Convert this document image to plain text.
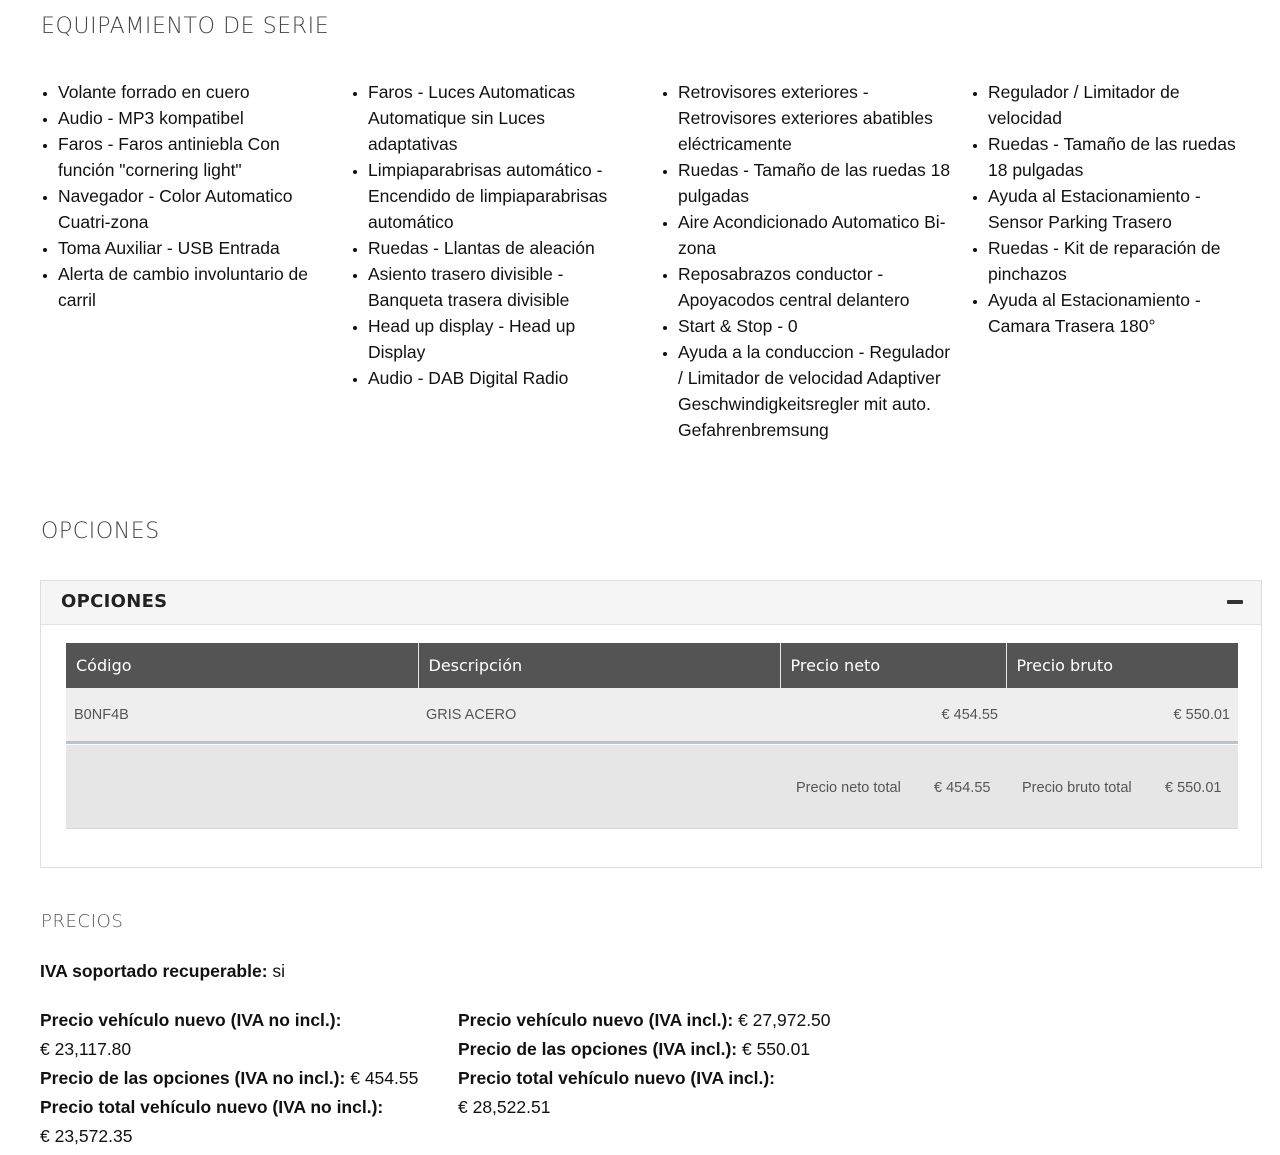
EQUIPAMIENTO DE SERIE
• Volante forrado en cuero
• Audio - MP3 kompatibel
• Faros - Faros antiniebla Con función "cornering light"
• Navegador - Color Automatico Cuatri-zona
• Toma Auxiliar - USB Entrada
• Alerta de cambio involuntario de carril
• Faros - Luces Automaticas Automatique sin Luces adaptativas
• Limpiaparabrisas automático - Encendido de limpiaparabrisas automático
• Ruedas - Llantas de aleación
• Asiento trasero divisible - Banqueta trasera divisible
• Head up display - Head up Display
• Audio - DAB Digital Radio
• Retrovisores exteriores - Retrovisores exteriores abatibles eléctricamente
• Ruedas - Tamaño de las ruedas 18 pulgadas
• Aire Acondicionado Automatico Bi-zona
• Reposabrazos conductor - Apoyacodos central delantero
• Start & Stop - 0
• Ayuda a la conduccion - Regulador / Limitador de velocidad Adaptiver Geschwindigkeitsregler mit auto. Gefahrenbremsung
• Regulador / Limitador de velocidad
• Ruedas - Tamaño de las ruedas 18 pulgadas
• Ayuda al Estacionamiento - Sensor Parking Trasero
• Ruedas - Kit de reparación de pinchazos
• Ayuda al Estacionamiento - Camara Trasera 180°
OPCIONES
OPCIONES
Código	Descripción	Precio neto	Precio bruto
B0NF4B	GRIS ACERO	€ 454.55	€ 550.01
Precio neto total € 454.55 Precio bruto total € 550.01
PRECIOS
IVA soportado recuperable: si
Precio vehículo nuevo (IVA no incl.):
€ 23,117.80
Precio de las opciones (IVA no incl.): € 454.55
Precio total vehículo nuevo (IVA no incl.):
€ 23,572.35
Precio vehículo nuevo (IVA incl.): € 27,972.50
Precio de las opciones (IVA incl.): € 550.01
Precio total vehículo nuevo (IVA incl.):
€ 28,522.51
